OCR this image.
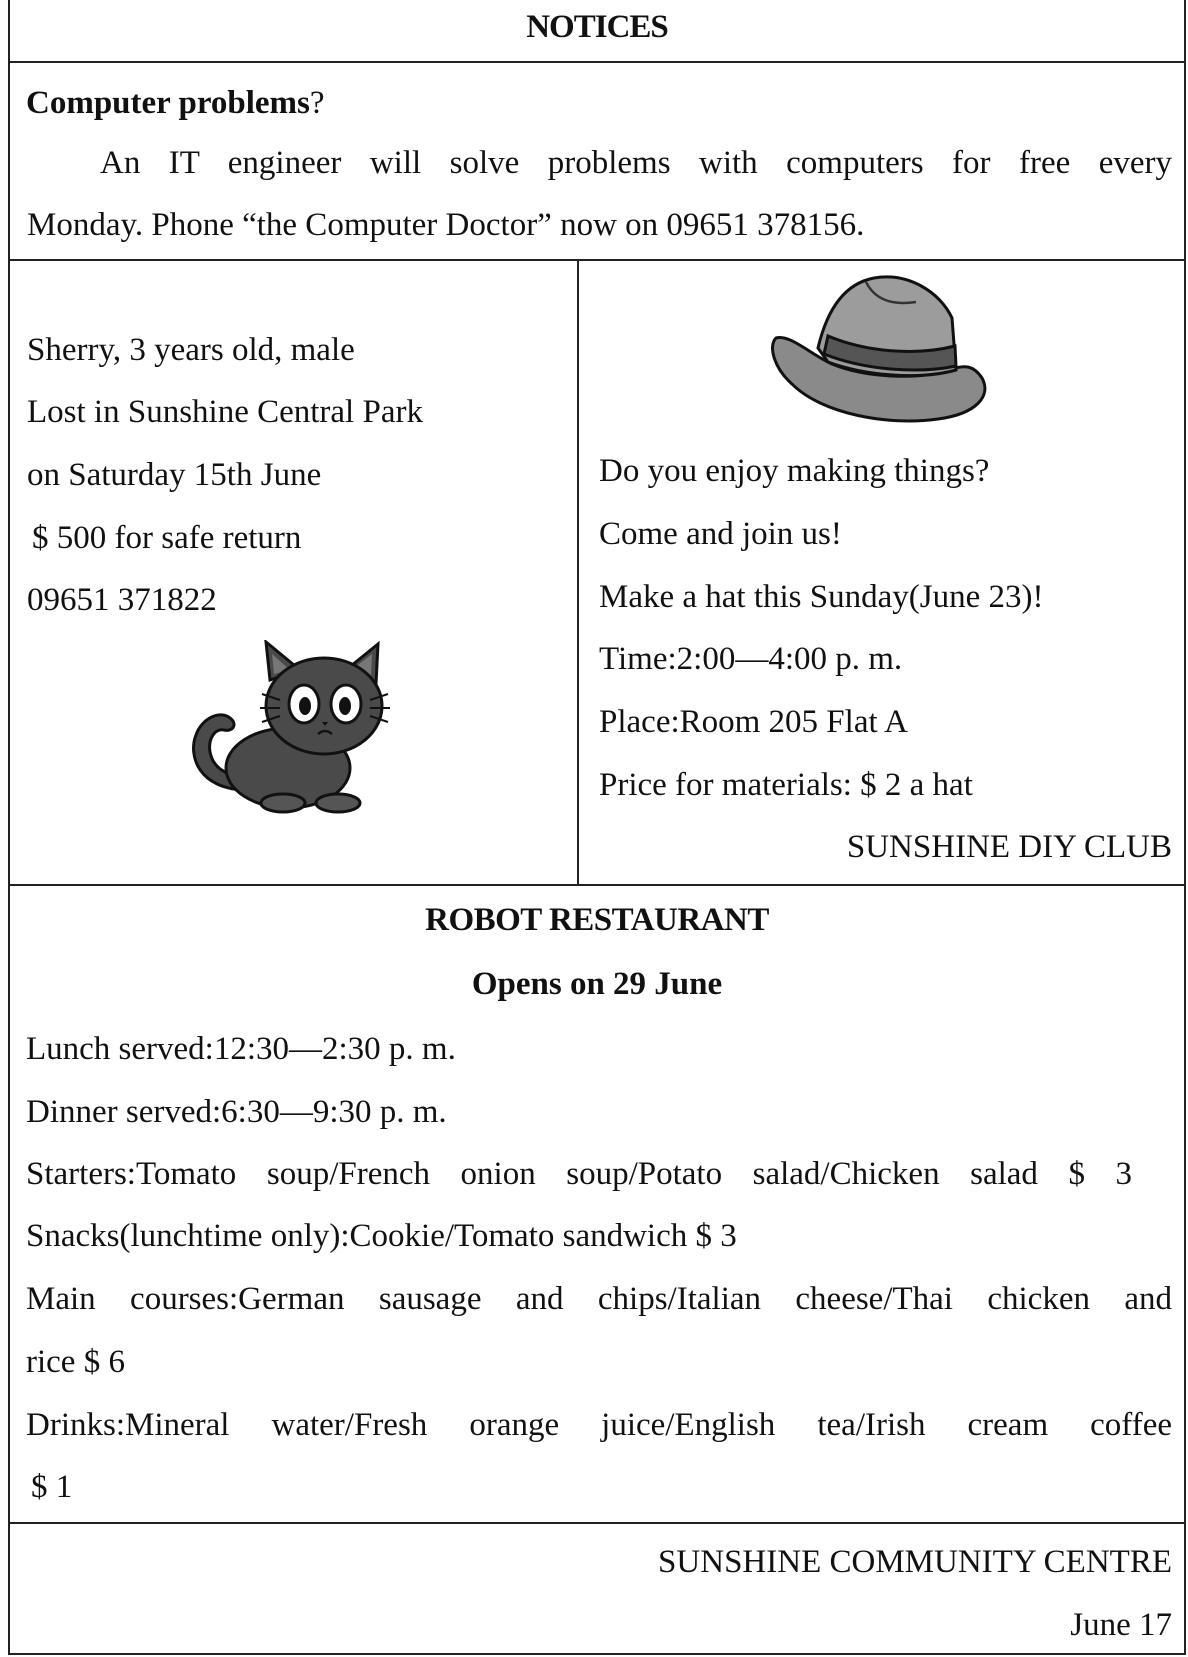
NOTICES
Computer problems?
An IT engineer will solve problems with computers for free every
Monday. Phone “the Computer Doctor” now on 09651 378156.
Sherry, 3 years old, male
Lost in Sunshine Central Park
on Saturday 15th June
$ 500 for safe return
09651 371822
Do you enjoy making things?
Come and join us!
Make a hat this Sunday(June 23)!
Time:2:00—4:00 p. m.
Place:Room 205 Flat A
Price for materials: $ 2 a hat
SUNSHINE DIY CLUB
ROBOT RESTAURANT
Opens on 29 June
Lunch served:12:30—2:30 p. m.
Dinner served:6:30—9:30 p. m.
Starters:Tomato soup/French onion soup/Potato salad/Chicken salad $ 3
Snacks(lunchtime only):Cookie/Tomato sandwich $ 3
Main courses:German sausage and chips/Italian cheese/Thai chicken and
rice $ 6
Drinks:Mineral water/Fresh orange juice/English tea/Irish cream coffee
$ 1
SUNSHINE COMMUNITY CENTRE
June 17
